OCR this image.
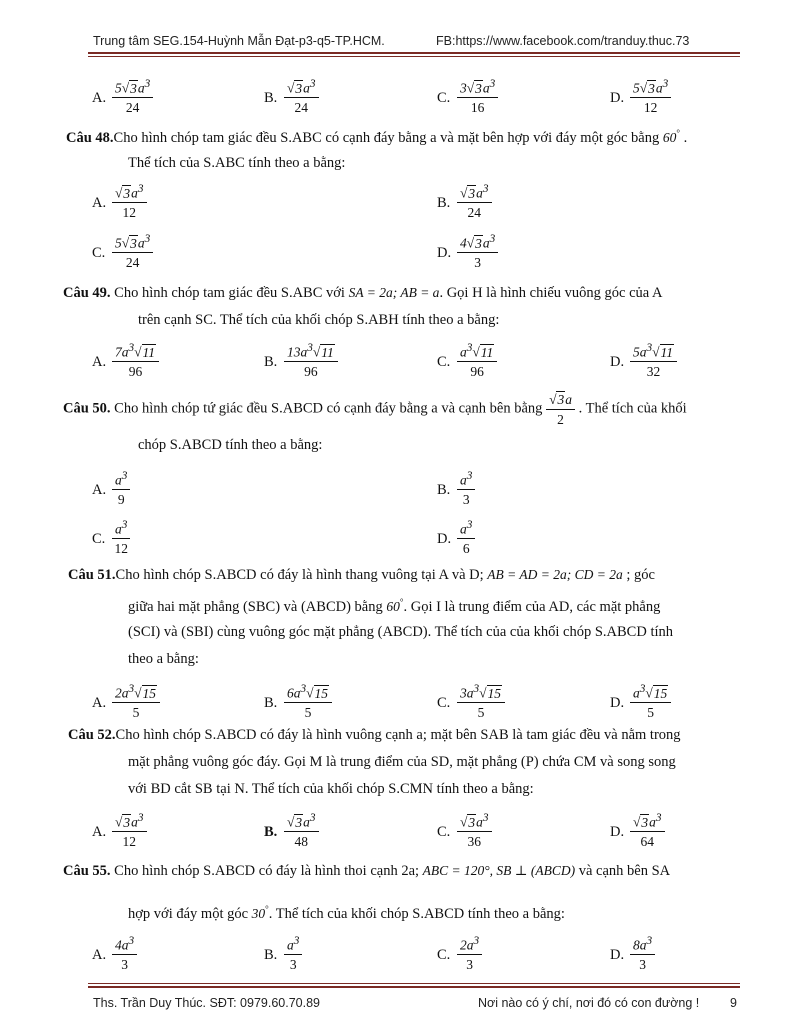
Trung tâm SEG.154-Huỳnh Mẫn Đạt-p3-q5-TP.HCM.	FB:https://www.facebook.com/tranduy.thuc.73
A. $\frac{5√3a^3}{24}$	B. $\frac{√3a^3}{24}$	C. $\frac{3√3a^3}{16}$	D. $\frac{5√3a^3}{12}$
Câu 48.Cho hình chóp tam giác đều S.ABC có cạnh đáy bằng a và mặt bên hợp với đáy một góc bằng 60° .
Thể tích của S.ABC tính theo a bằng:
A. $\frac{√3a^3}{12}$	B. $\frac{√3a^3}{24}$
C. $\frac{5√3a^3}{24}$	D. $\frac{4√3a^3}{3}$
Câu 49. Cho hình chóp tam giác đều S.ABC với SA = 2a; AB = a. Gọi H là hình chiếu vuông góc của A
trên cạnh SC. Thể tích của khối chóp S.ABH tính theo a bằng:
A. $\frac{7a^3√11}{96}$	B. $\frac{13a^3√11}{96}$	C. $\frac{a^3√11}{96}$	D. $\frac{5a^3√11}{32}$
Câu 50. Cho hình chóp tứ giác đều S.ABCD có cạnh đáy bằng a và cạnh bên bằng $\frac{√3a}{2}$ . Thể tích của khối
chóp S.ABCD tính theo a bằng:
A. $\frac{a^3}{9}$	B. $\frac{a^3}{3}$
C. $\frac{a^3}{12}$	D. $\frac{a^3}{6}$
Câu 51.Cho hình chóp S.ABCD có đáy là hình thang vuông tại A và D; AB = AD = 2a; CD = 2a ; góc
giữa hai mặt phẳng (SBC) và (ABCD) bằng 60°. Gọi I là trung điểm của AD, các mặt phẳng
(SCI) và (SBI) cùng vuông góc mặt phẳng (ABCD). Thể tích của của khối chóp S.ABCD tính
theo a bằng:
A. $\frac{2a^3√15}{5}$	B. $\frac{6a^3√15}{5}$	C. $\frac{3a^3√15}{5}$	D. $\frac{a^3√15}{5}$
Câu 52.Cho hình chóp S.ABCD có đáy là hình vuông cạnh a; mặt bên SAB là tam giác đều và nằm trong
mặt phẳng vuông góc đáy. Gọi M là trung điểm của SD, mặt phẳng (P) chứa CM và song song
với BD cắt SB tại N. Thể tích của khối chóp S.CMN tính theo a bằng:
A. $\frac{√3a^3}{12}$	B. $\frac{√3a^3}{48}$	C. $\frac{√3a^3}{36}$	D. $\frac{√3a^3}{64}$
Câu 55. Cho hình chóp S.ABCD có đáy là hình thoi cạnh 2a; ABC = 120°, SB ⊥ (ABCD) và cạnh bên SA
hợp với đáy một góc 30°. Thể tích của khối chóp S.ABCD tính theo a bằng:
A. $\frac{4a^3}{3}$	B. $\frac{a^3}{3}$	C. $\frac{2a^3}{3}$	D. $\frac{8a^3}{3}$
Ths. Trần Duy Thúc. SĐT: 0979.60.70.89	Nơi nào có ý chí, nơi đó có con đường ! 9
